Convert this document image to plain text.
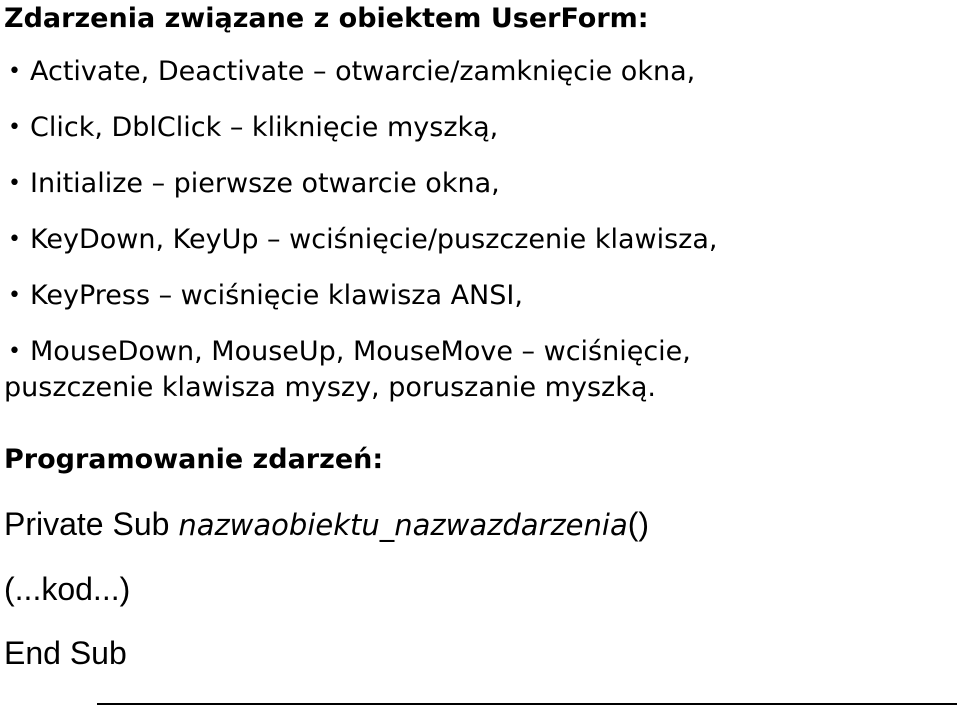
Zdarzenia związane z obiektem UserForm:
• Activate, Deactivate – otwarcie/zamknięcie okna,
• Click, DblClick – kliknięcie myszką,
• Initialize – pierwsze otwarcie okna,
• KeyDown, KeyUp – wciśnięcie/puszczenie klawisza,
• KeyPress – wciśnięcie klawisza ANSI,
• MouseDown, MouseUp, MouseMove – wciśnięcie,
puszczenie klawisza myszy, poruszanie myszką.
Programowanie zdarzeń:

Private Sub nazwaobiektu_nazwazdarzenia()

(...kod...)

End Sub
